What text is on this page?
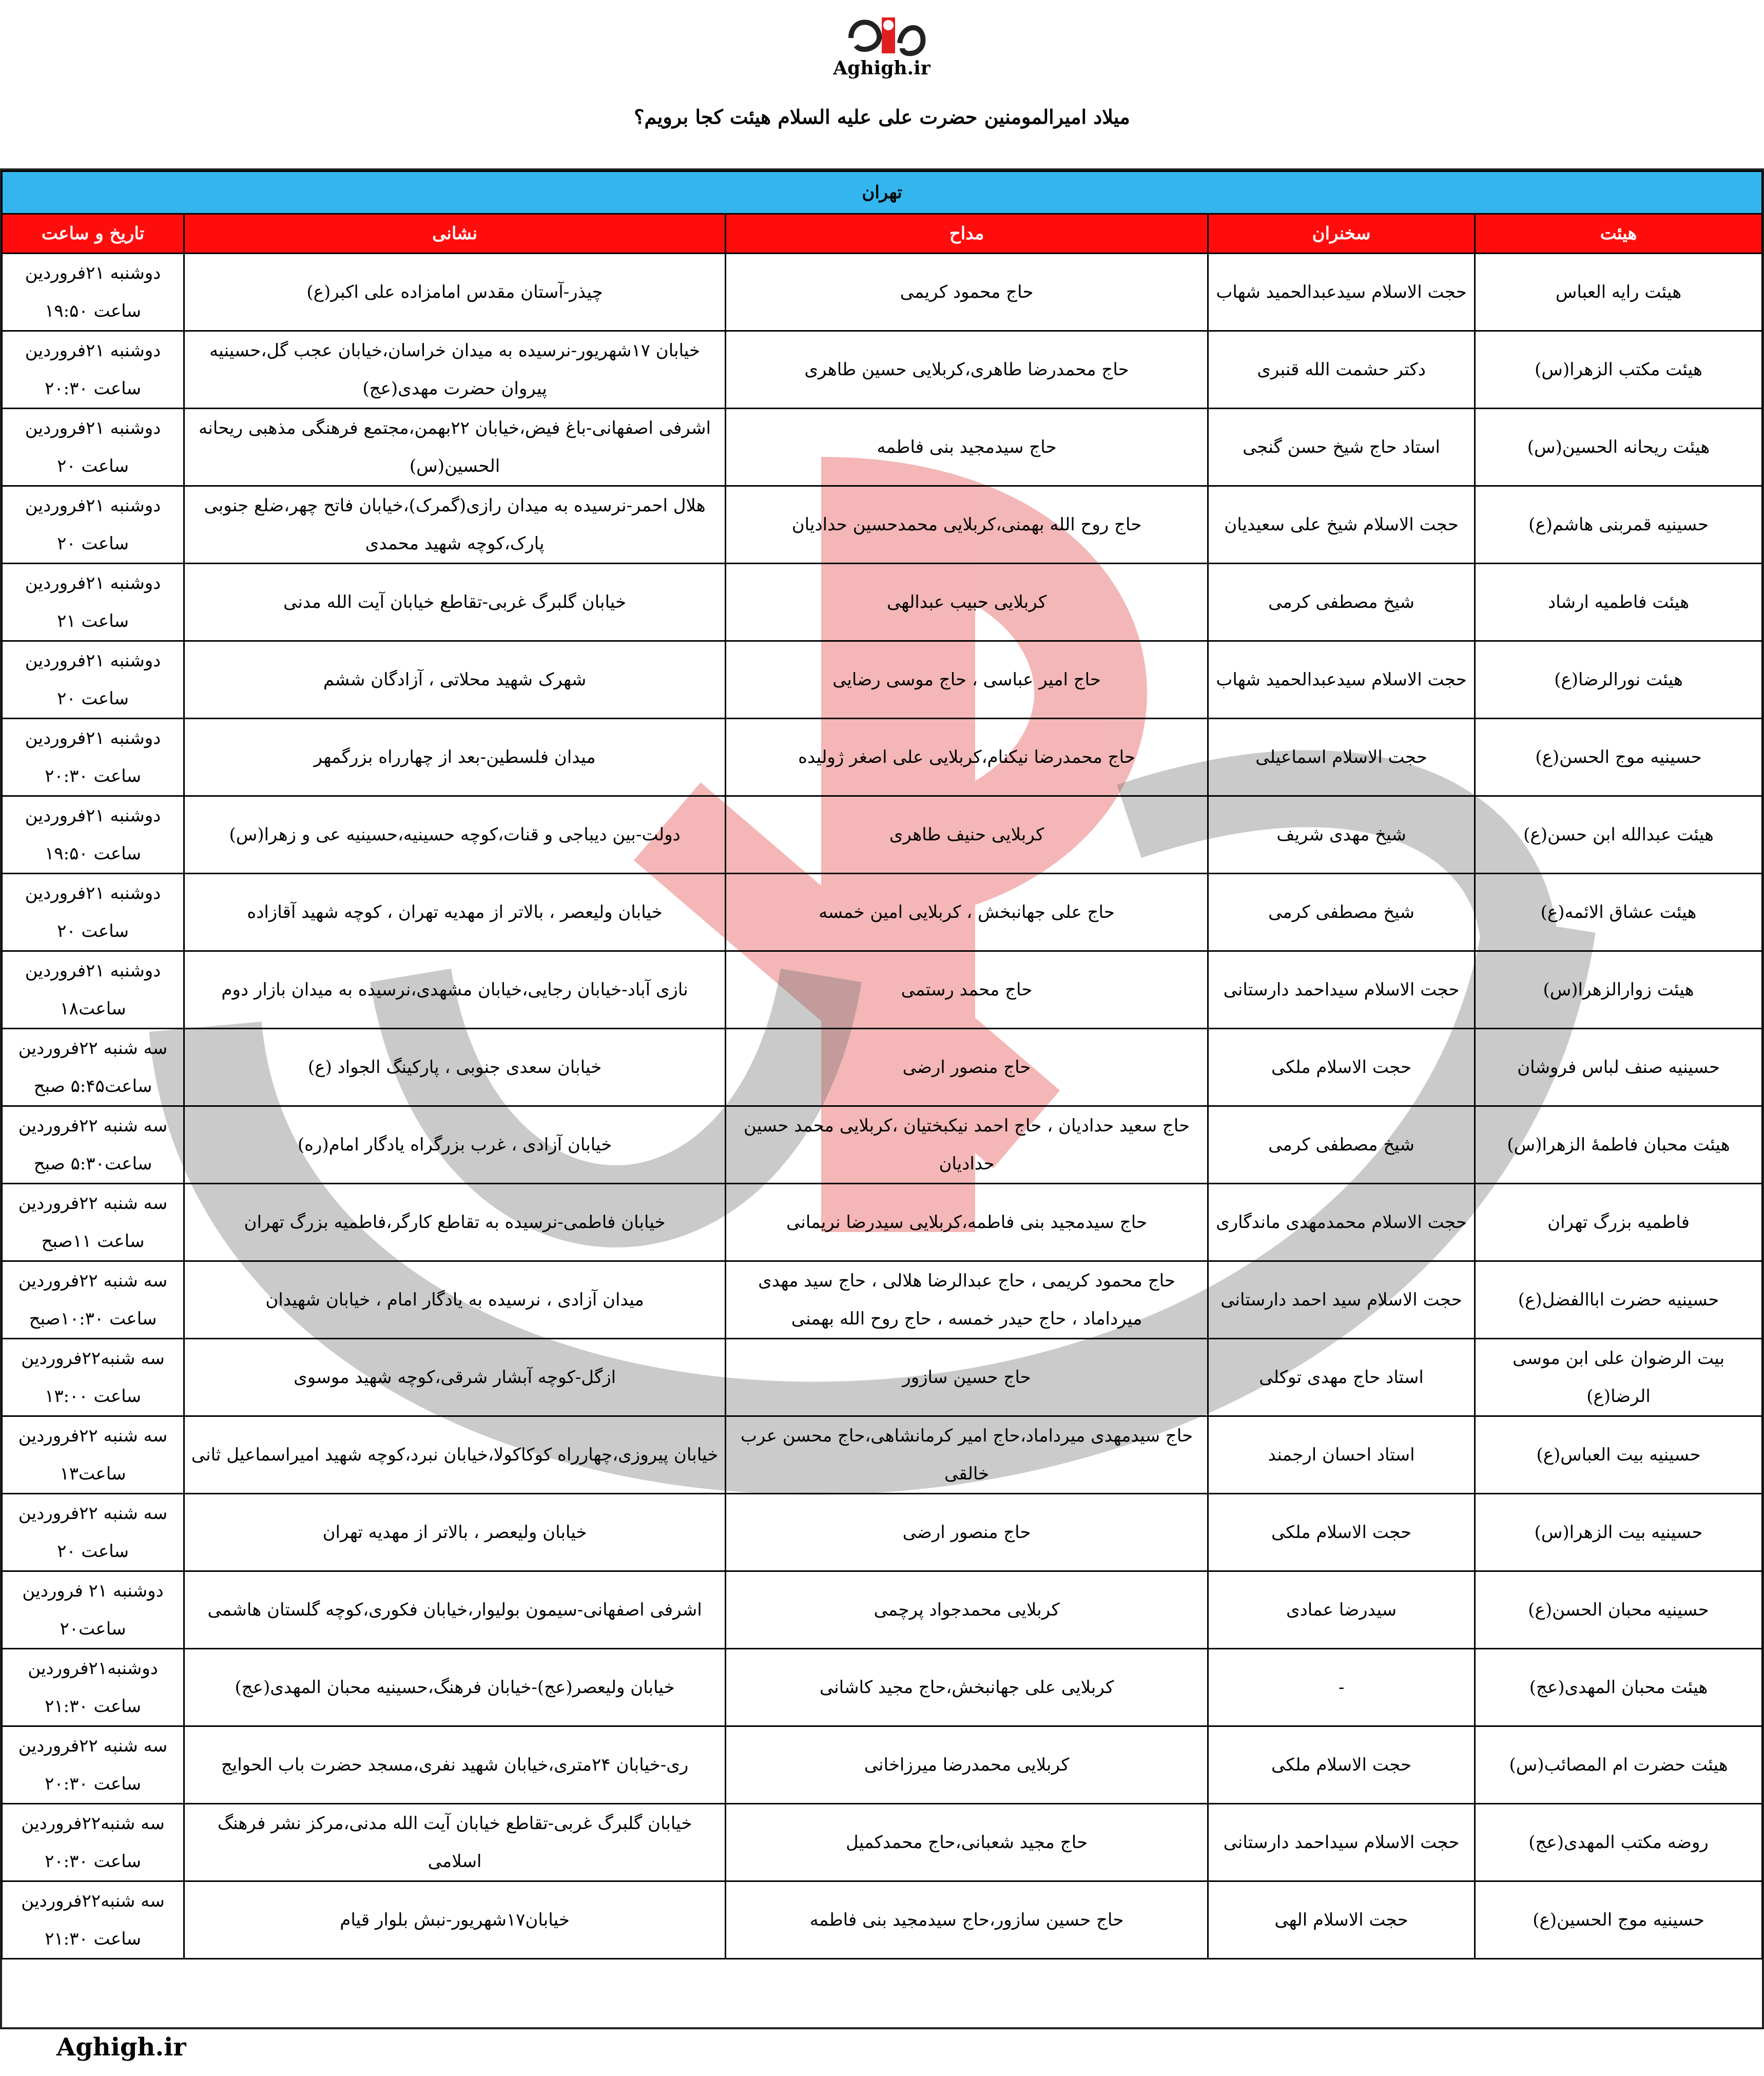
Aghigh.ir
میلاد امیرالمومنین حضرت علی علیه السلام هیئت کجا برویم؟
تهران				
هیئت	سخنران	مداح	نشانی	تاریخ و ساعت
هیئت رایه العباس	حجت الاسلام سیدعبدالحمید شهاب	حاج محمود کریمی	چیذر-آستان مقدس امامزاده علی اکبر(ع)	دوشنبه ۲۱فروردین ساعت ۱۹:۵۰
هیئت مکتب الزهرا(س)	دکتر حشمت الله قنبری	حاج محمدرضا طاهری،کربلایی حسین طاهری	خیابان ۱۷شهریور-نرسیده به میدان خراسان،خیابان عجب گل،حسینیه پیروان حضرت مهدی(عج)	دوشنبه ۲۱فروردین ساعت ۲۰:۳۰
هیئت ریحانه الحسین(س)	استاد حاج شیخ حسن گنجی	حاج سیدمجید بنی فاطمه	اشرفی اصفهانی-باغ فیض،خیابان ۲۲بهمن،مجتمع فرهنگی مذهبی ریحانه الحسین(س)	دوشنبه ۲۱فروردین ساعت ۲۰
حسینیه قمربنی هاشم(ع)	حجت الاسلام شیخ علی سعیدیان	حاج روح الله بهمنی،کربلایی محمدحسین حدادیان	هلال احمر-نرسیده به میدان رازی(گمرک)،خیابان فاتح چهر،ضلع جنوبی پارک،کوچه شهید محمدی	دوشنبه ۲۱فروردین ساعت ۲۰
هیئت فاطمیه ارشاد	شیخ مصطفی کرمی	کربلایی حبیب عبدالهی	خیابان گلبرگ غربی-تقاطع خیابان آیت الله مدنی	دوشنبه ۲۱فروردین ساعت ۲۱
هیئت نورالرضا(ع)	حجت الاسلام سیدعبدالحمید شهاب	حاج امیر عباسی ، حاج موسی رضایی	شهرک شهید محلاتی ، آزادگان ششم	دوشنبه ۲۱فروردین ساعت ۲۰
حسینیه موج الحسن(ع)	حجت الاسلام اسماعیلی	حاج محمدرضا نیکنام،کربلایی علی اصغر ژولیده	میدان فلسطین-بعد از چهارراه بزرگمهر	دوشنبه ۲۱فروردین ساعت ۲۰:۳۰
هیئت عبدالله ابن حسن(ع)	شیخ مهدی شریف	کربلایی حنیف طاهری	دولت-بین دیباجی و قنات،کوچه حسینیه،حسینیه عی و زهرا(س)	دوشنبه ۲۱فروردین ساعت ۱۹:۵۰
هیئت عشاق الائمه(ع)	شیخ مصطفی کرمی	حاج علی جهانبخش ، کربلایی امین خمسه	خیابان ولیعصر ، بالاتر از مهدیه تهران ، کوچه شهید آقازاده	دوشنبه ۲۱فروردین ساعت ۲۰
هیئت زوارالزهرا(س)	حجت الاسلام سیداحمد دارستانی	حاج محمد رستمی	نازی آباد-خیابان رجایی،خیابان مشهدی،نرسیده به میدان بازار دوم	دوشنبه ۲۱فروردین ساعت۱۸
حسینیه صنف لباس فروشان	حجت الاسلام ملکی	حاج منصور ارضی	خیابان سعدی جنوبی ، پارکینگ الجواد (ع)	سه شنبه ۲۲فروردین ساعت۵:۴۵ صبح
هیئت محبان فاطمهٔ الزهرا(س)	شیخ مصطفی کرمی	حاج سعید حدادیان ، حاج احمد نیکبختیان ،کربلایی محمد حسین حدادیان	خیابان آزادی ، غرب بزرگراه یادگار امام(ره)	سه شنبه ۲۲فروردین ساعت۵:۳۰ صبح
فاطمیه بزرگ تهران	حجت الاسلام محمدمهدی ماندگاری	حاج سیدمجید بنی فاطمه،کربلایی سیدرضا نریمانی	خیابان فاطمی-نرسیده به تقاطع کارگر،فاطمیه بزرگ تهران	سه شنبه ۲۲فروردین ساعت ۱۱صبح
حسینیه حضرت اباالفضل(ع)	حجت الاسلام سید احمد دارستانی	حاج محمود کریمی ، حاج عبدالرضا هلالی ، حاج سید مهدی میرداماد ، حاج حیدر خمسه ، حاج روح الله بهمنی	میدان آزادی ، نرسیده به یادگار امام ، خیابان شهیدان	سه شنبه ۲۲فروردین ساعت ۱۰:۳۰صبح
بیت الرضوان علی ابن موسی الرضا(ع)	استاد حاج مهدی توکلی	حاج حسین سازور	ازگل-کوچه آبشار شرقی،کوچه شهید موسوی	سه شنبه۲۲فروردین ساعت ۱۳:۰۰
حسینیه بیت العباس(ع)	استاد احسان ارجمند	حاج سیدمهدی میرداماد،حاج امیر کرمانشاهی،حاج محسن عرب خالقی	خیابان پیروزی،چهارراه کوکاکولا،خیابان نبرد،کوچه شهید امیراسماعیل ثانی	سه شنبه ۲۲فروردین ساعت۱۳
حسینیه بیت الزهرا(س)	حجت الاسلام ملکی	حاج منصور ارضی	خیابان ولیعصر ، بالاتر از مهدیه تهران	سه شنبه ۲۲فروردین ساعت ۲۰
حسینیه محبان الحسن(ع)	سیدرضا عمادی	کربلایی محمدجواد پرچمی	اشرفی اصفهانی-سیمون بولیوار،خیابان فکوری،کوچه گلستان هاشمی	دوشنبه ۲۱ فروردین ساعت۲۰
هیئت محبان المهدی(عج)	-	کربلایی علی جهانبخش،حاج مجید کاشانی	خیابان ولیعصر(عج)-خیابان فرهنگ،حسینیه محبان المهدی(عج)	دوشنبه۲۱فروردین ساعت ۲۱:۳۰
هیئت حضرت ام المصائب(س)	حجت الاسلام ملکی	کربلایی محمدرضا میرزاخانی	ری-خیابان ۲۴متری،خیابان شهید نفری،مسجد حضرت باب الحوایج	سه شنبه ۲۲فروردین ساعت ۲۰:۳۰
روضه مکتب المهدی(عج)	حجت الاسلام سیداحمد دارستانی	حاج مجید شعبانی،حاج محمدکمیل	خیابان گلبرگ غربی-تقاطع خیابان آیت الله مدنی،مرکز نشر فرهنگ اسلامی	سه شنبه۲۲فروردین ساعت ۲۰:۳۰
حسینیه موج الحسین(ع)	حجت الاسلام الهی	حاج حسین سازور،حاج سیدمجید بنی فاطمه	خیابان۱۷شهریور-نبش بلوار قیام	سه شنبه۲۲فروردین ساعت ۲۱:۳۰
Aghigh.ir
